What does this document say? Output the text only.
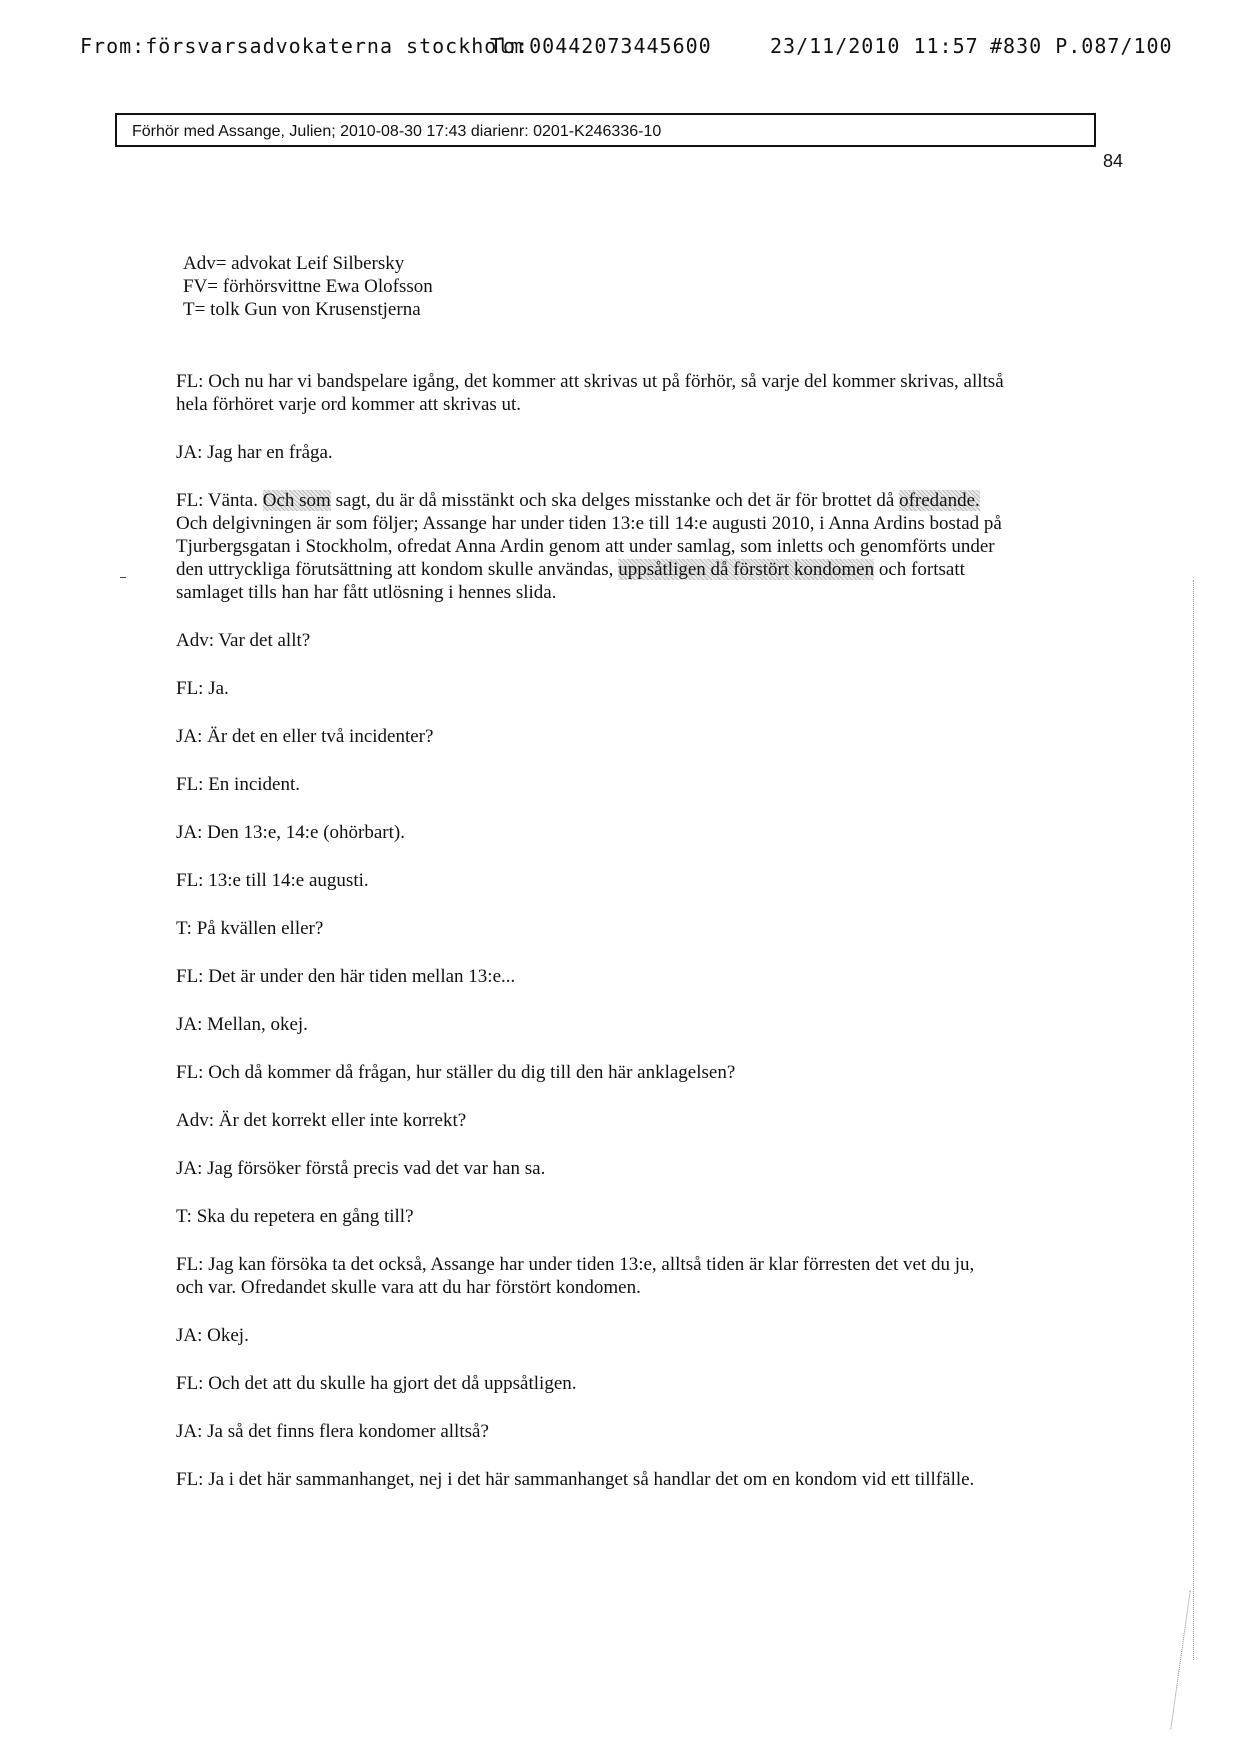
From:försvarsadvokaterna stockholm
To:00442073445600	23/11/2010 11:57 #830 P.087/100
Förhör med Assange, Julien; 2010-08-30 17:43 diarienr: 0201-K246336-10
84
Adv= advokat Leif Silbersky
FV= förhörsvittne Ewa Olofsson
T= tolk Gun von Krusenstjerna

FL: Och nu har vi bandspelare igång, det kommer att skrivas ut på förhör, så varje del kommer skrivas, alltså hela förhöret varje ord kommer att skrivas ut.

JA: Jag har en fråga.

FL: Vänta. Och som sagt, du är då misstänkt och ska delges misstanke och det är för brottet då ofredande. Och delgivningen är som följer; Assange har under tiden 13:e till 14:e augusti 2010, i Anna Ardins bostad på Tjurbergsgatan i Stockholm, ofredat Anna Ardin genom att under samlag, som inletts och genomförts under den uttryckliga förutsättning att kondom skulle användas, uppsåtligen då förstört kondomen och fortsatt samlaget tills han har fått utlösning i hennes slida.

Adv: Var det allt?

FL: Ja.

JA: Är det en eller två incidenter?

FL: En incident.

JA: Den 13:e, 14:e (ohörbart).

FL: 13:e till 14:e augusti.

T: På kvällen eller?

FL: Det är under den här tiden mellan 13:e...

JA: Mellan, okej.

FL: Och då kommer då frågan, hur ställer du dig till den här anklagelsen?

Adv: Är det korrekt eller inte korrekt?

JA: Jag försöker förstå precis vad det var han sa.

T: Ska du repetera en gång till?

FL: Jag kan försöka ta det också, Assange har under tiden 13:e, alltså tiden är klar förresten det vet du ju, och var. Ofredandet skulle vara att du har förstört kondomen.

JA: Okej.

FL: Och det att du skulle ha gjort det då uppsåtligen.

JA: Ja så det finns flera kondomer alltså?

FL: Ja i det här sammanhanget, nej i det här sammanhanget så handlar det om en kondom vid ett tillfälle.
